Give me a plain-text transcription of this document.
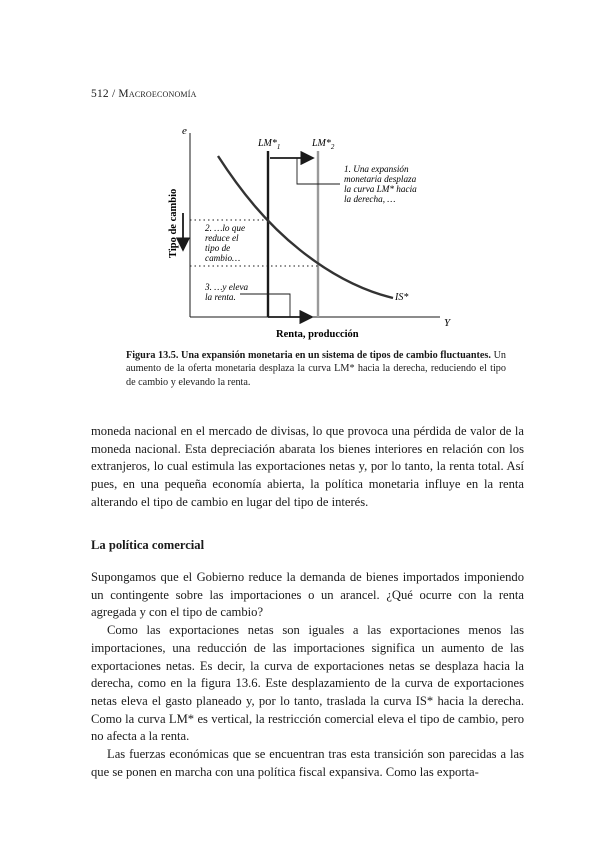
512 / Macroeconomía
e
Y
Tipo de cambio
$LM*_1$	$LM*_2$
IS*
1. Una expansión monetaria desplaza la curva LM* hacia la derecha, …
2. …lo que reduce el tipo de cambio…
3. …y eleva la renta.
Renta, producción
Figura 13.5. Una expansión monetaria en un sistema de tipos de cambio fluctuantes. Un aumento de la oferta monetaria desplaza la curva LM* hacia la derecha, reduciendo el tipo de cambio y elevando la renta.

moneda nacional en el mercado de divisas, lo que provoca una pérdida de valor de la moneda nacional. Esta depreciación abarata los bienes interiores en relación con los extranjeros, lo cual estimula las exportaciones netas y, por lo tanto, la renta total. Así pues, en una pequeña economía abierta, la política monetaria influye en la renta alterando el tipo de cambio en lugar del tipo de interés.

La política comercial

Supongamos que el Gobierno reduce la demanda de bienes importados imponiendo un contingente sobre las importaciones o un arancel. ¿Qué ocurre con la renta agregada y con el tipo de cambio?

Como las exportaciones netas son iguales a las exportaciones menos las importaciones, una reducción de las importaciones significa un aumento de las exportaciones netas. Es decir, la curva de exportaciones netas se desplaza hacia la derecha, como en la figura 13.6. Este desplazamiento de la curva de exportaciones netas eleva el gasto planeado y, por lo tanto, traslada la curva IS* hacia la derecha. Como la curva LM* es vertical, la restricción comercial eleva el tipo de cambio, pero no afecta a la renta.

Las fuerzas económicas que se encuentran tras esta transición son parecidas a las que se ponen en marcha con una política fiscal expansiva. Como las exporta-
